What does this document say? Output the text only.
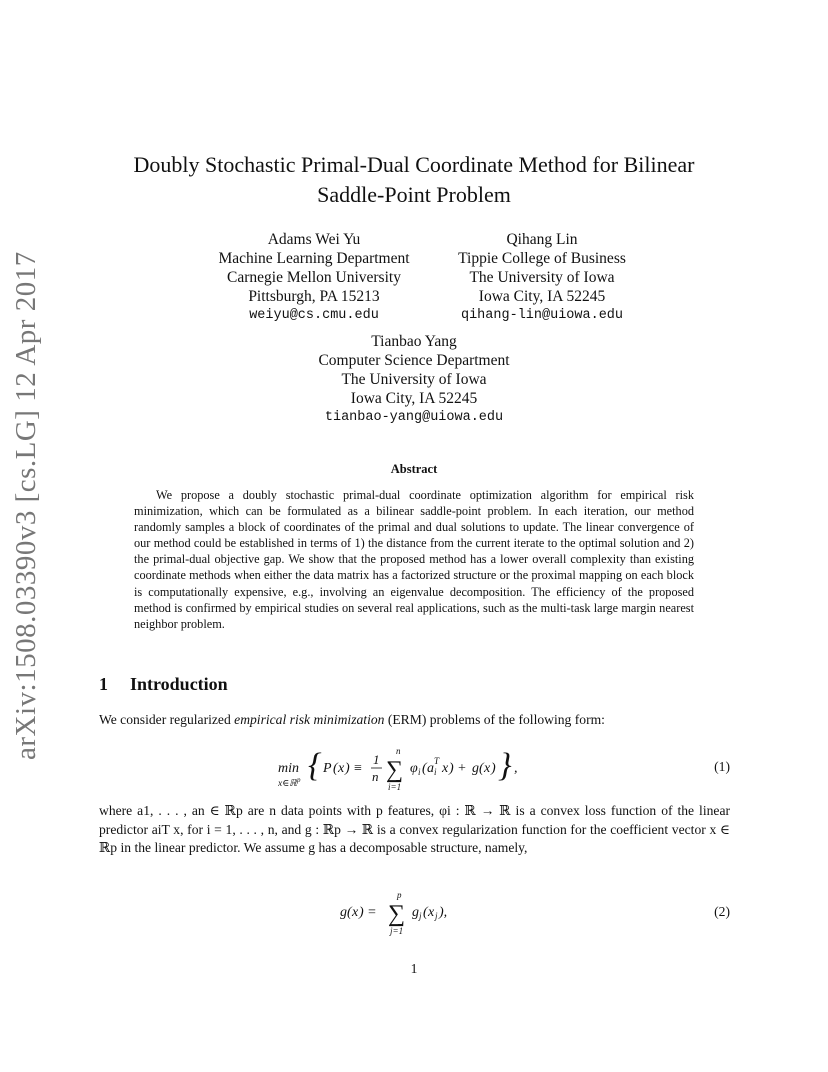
arXiv:1508.03390v3 [cs.LG] 12 Apr 2017
Doubly Stochastic Primal-Dual Coordinate Method for Bilinear
Saddle-Point Problem
Adams Wei Yu
Machine Learning Department
Carnegie Mellon University
Pittsburgh, PA 15213
weiyu@cs.cmu.edu
Qihang Lin
Tippie College of Business
The University of Iowa
Iowa City, IA 52245
qihang-lin@uiowa.edu
Tianbao Yang
Computer Science Department
The University of Iowa
Iowa City, IA 52245
tianbao-yang@uiowa.edu
Abstract
We propose a doubly stochastic primal-dual coordinate optimization algorithm for empirical risk minimization, which can be formulated as a bilinear saddle-point problem. In each iteration, our method randomly samples a block of coordinates of the primal and dual solutions to update. The linear convergence of our method could be established in terms of 1) the distance from the current iterate to the optimal solution and 2) the primal-dual objective gap. We show that the proposed method has a lower overall complexity than existing coordinate methods when either the data matrix has a factorized structure or the proximal mapping on each block is computationally expensive, e.g., involving an eigenvalue decomposition. The efficiency of the proposed method is confirmed by empirical studies on several real applications, such as the multi-task large margin nearest neighbor problem.
1 Introduction
We consider regularized empirical risk minimization (ERM) problems of the following form:
min
x∈ℝ p { P ( x ) ≡
1
n
n
∑
i=1
φ i ( a i
T x ) + g ( x ) } ,	(1)
where a1, . . . , an ∈ ℝp are n data points with p features, φi : ℝ → ℝ is a convex loss function of the linear predictor aiT x, for i = 1, . . . , n, and g : ℝp → ℝ is a convex regularization function for the coefficient vector x ∈ ℝp in the linear predictor. We assume g has a decomposable structure, namely,
g ( x ) =
p
∑
j=1
g j ( x j ),	(2)
1
